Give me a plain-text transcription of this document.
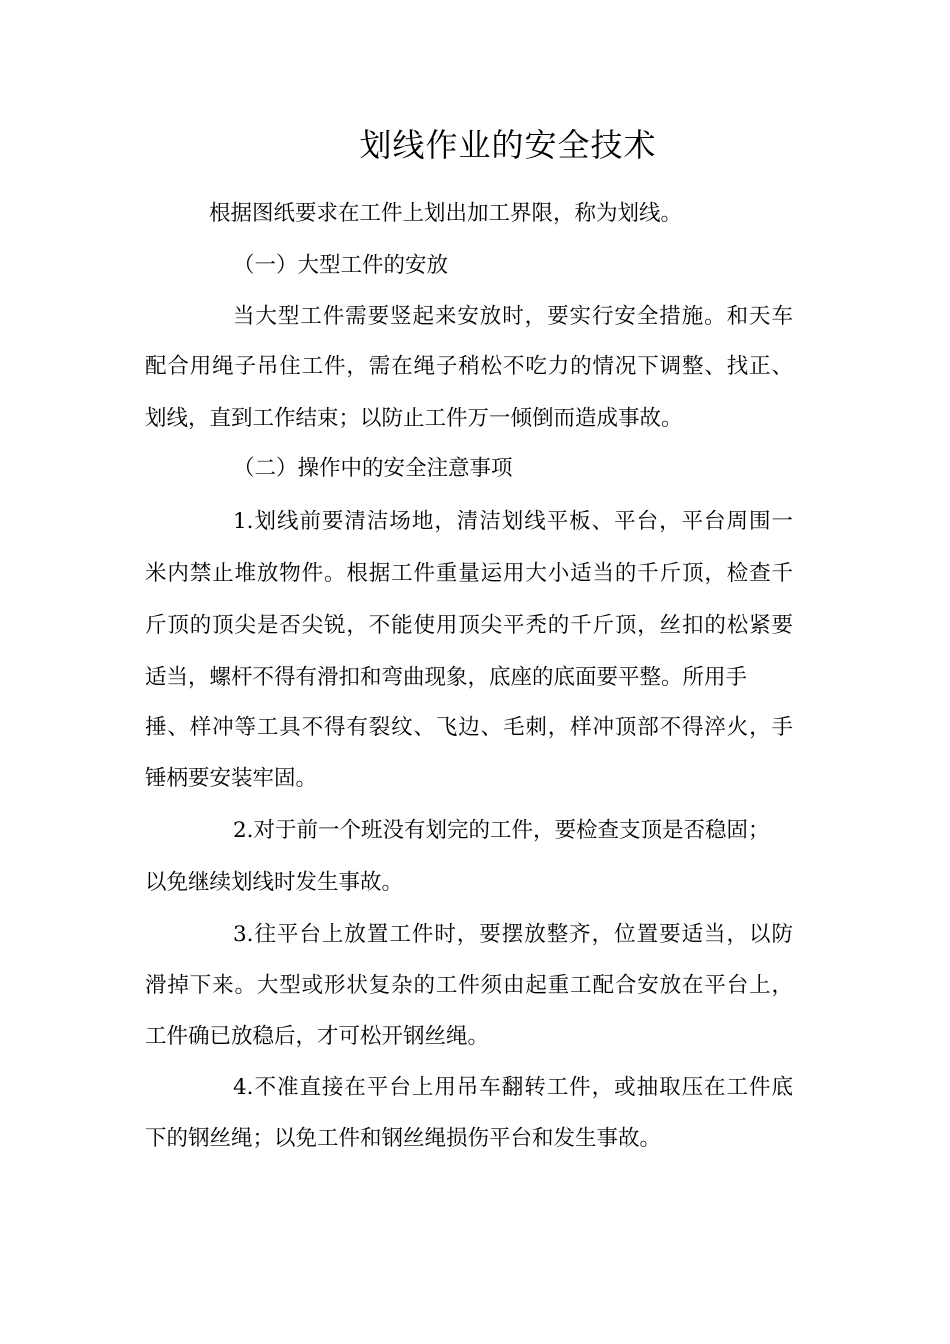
划线作业的安全技术
根据图纸要求在工件上划出加工界限，称为划线。
（一）大型工件的安放
当大型工件需要竖起来安放时，要实行安全措施。和天车
配合用绳子吊住工件，需在绳子稍松不吃力的情况下调整、找正、
划线，直到工作结束；以防止工件万一倾倒而造成事故。
（二）操作中的安全注意事项
1.划线前要清洁场地，清洁划线平板、平台，平台周围一
米内禁止堆放物件。根据工件重量运用大小适当的千斤顶，检查千
斤顶的顶尖是否尖锐，不能使用顶尖平秃的千斤顶，丝扣的松紧要
适当，螺杆不得有滑扣和弯曲现象，底座的底面要平整。所用手
捶、样冲等工具不得有裂纹、飞边、毛刺，样冲顶部不得淬火，手
锤柄要安装牢固。
2.对于前一个班没有划完的工件，要检查支顶是否稳固；
以免继续划线时发生事故。
3.往平台上放置工件时，要摆放整齐，位置要适当，以防
滑掉下来。大型或形状复杂的工件须由起重工配合安放在平台上，
工件确已放稳后，才可松开钢丝绳。
4.不准直接在平台上用吊车翻转工件，或抽取压在工件底
下的钢丝绳；以免工件和钢丝绳损伤平台和发生事故。
